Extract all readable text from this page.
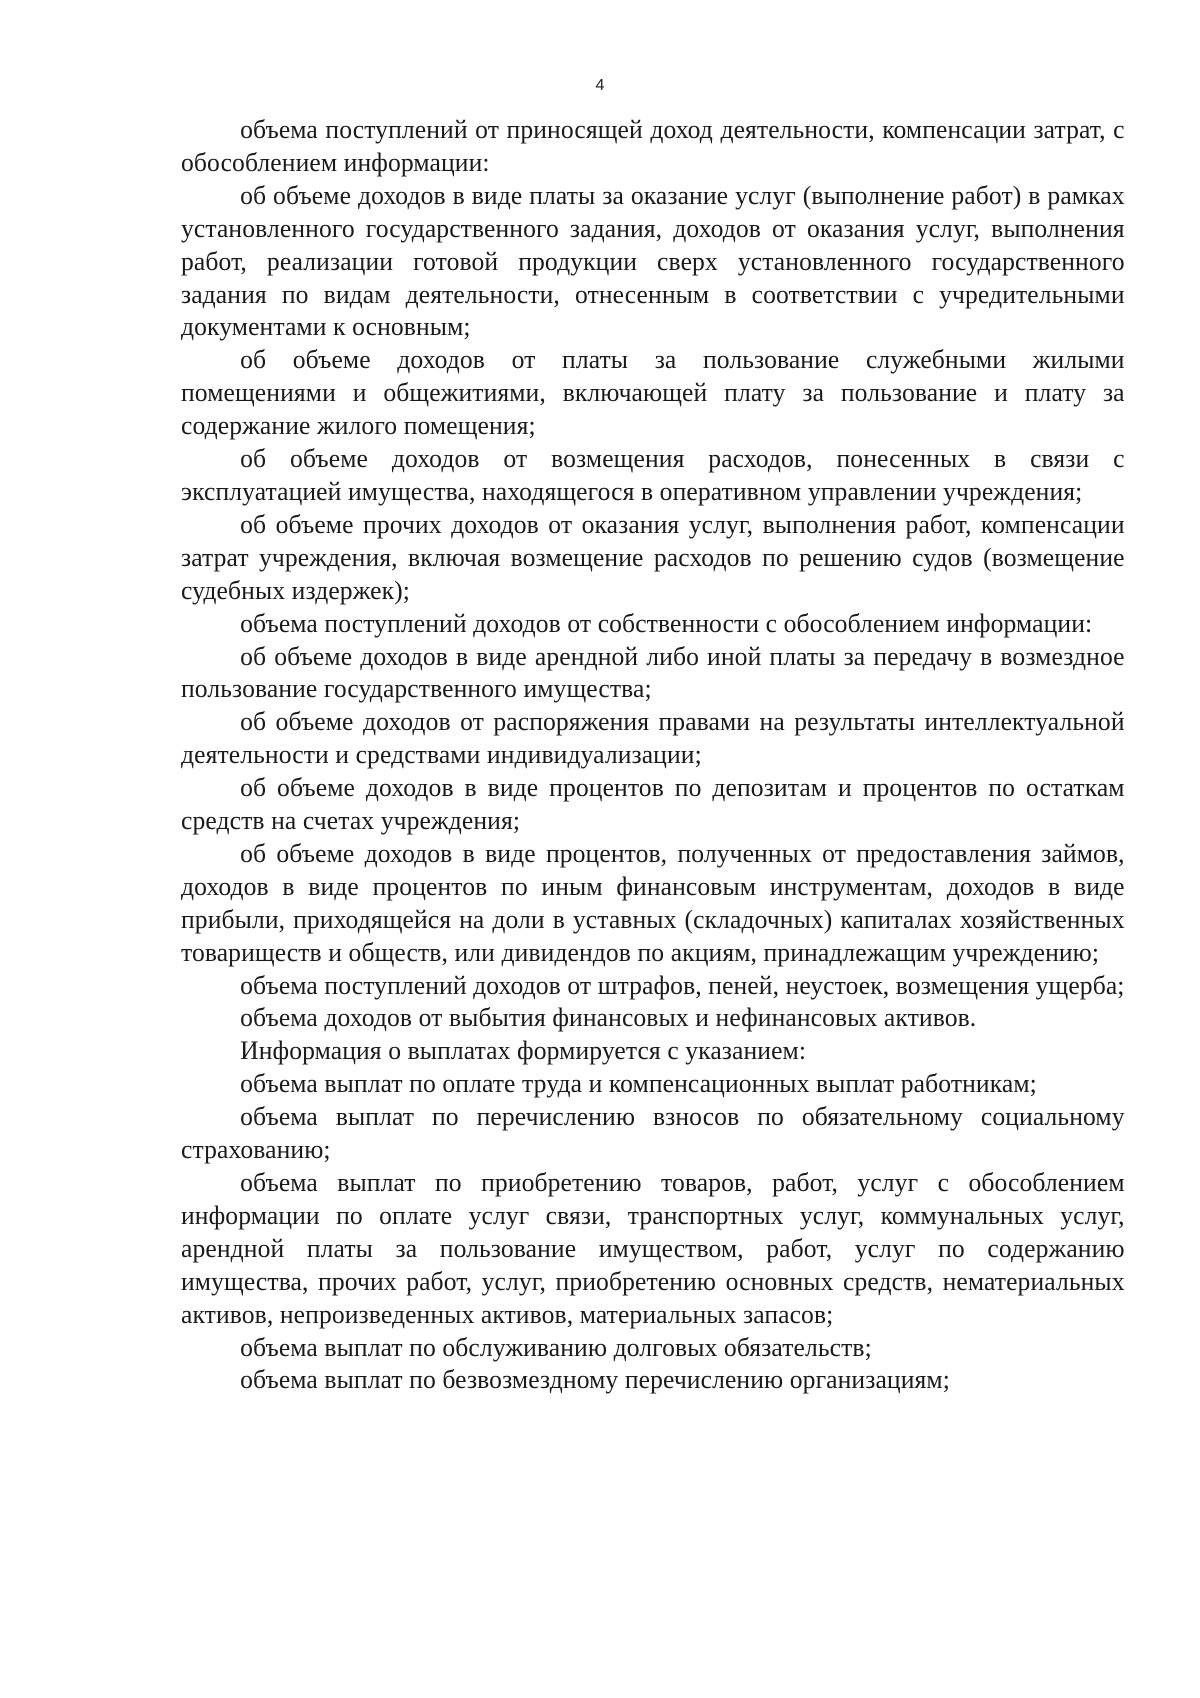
4

объема поступлений от приносящей доход деятельности, компенсации затрат, с обособлением информации:

об объеме доходов в виде платы за оказание услуг (выполнение работ) в рамках установленного государственного задания, доходов от оказания услуг, выполнения работ, реализации готовой продукции сверх установленного государственного задания по видам деятельности, отнесенным в соответствии с учредительными документами к основным;

об объеме доходов от платы за пользование служебными жилыми помещениями и общежитиями, включающей плату за пользование и плату за содержание жилого помещения;

об объеме доходов от возмещения расходов, понесенных в связи с эксплуатацией имущества, находящегося в оперативном управлении учреждения;

об объеме прочих доходов от оказания услуг, выполнения работ, компенсации затрат учреждения, включая возмещение расходов по решению судов (возмещение судебных издержек);

объема поступлений доходов от собственности с обособлением информации:

об объеме доходов в виде арендной либо иной платы за передачу в возмездное пользование государственного имущества;

об объеме доходов от распоряжения правами на результаты интеллектуальной деятельности и средствами индивидуализации;

об объеме доходов в виде процентов по депозитам и процентов по остаткам средств на счетах учреждения;

об объеме доходов в виде процентов, полученных от предоставления займов, доходов в виде процентов по иным финансовым инструментам, доходов в виде прибыли, приходящейся на доли в уставных (складочных) капиталах хозяйственных товариществ и обществ, или дивидендов по акциям, принадлежащим учреждению;

объема поступлений доходов от штрафов, пеней, неустоек, возмещения ущерба;

объема доходов от выбытия финансовых и нефинансовых активов.

Информация о выплатах формируется с указанием:

объема выплат по оплате труда и компенсационных выплат работникам;

объема выплат по перечислению взносов по обязательному социальному страхованию;

объема выплат по приобретению товаров, работ, услуг с обособлением информации по оплате услуг связи, транспортных услуг, коммунальных услуг, арендной платы за пользование имуществом, работ, услуг по содержанию имущества, прочих работ, услуг, приобретению основных средств, нематериальных активов, непроизведенных активов, материальных запасов;

объема выплат по обслуживанию долговых обязательств;

объема выплат по безвозмездному перечислению организациям;
